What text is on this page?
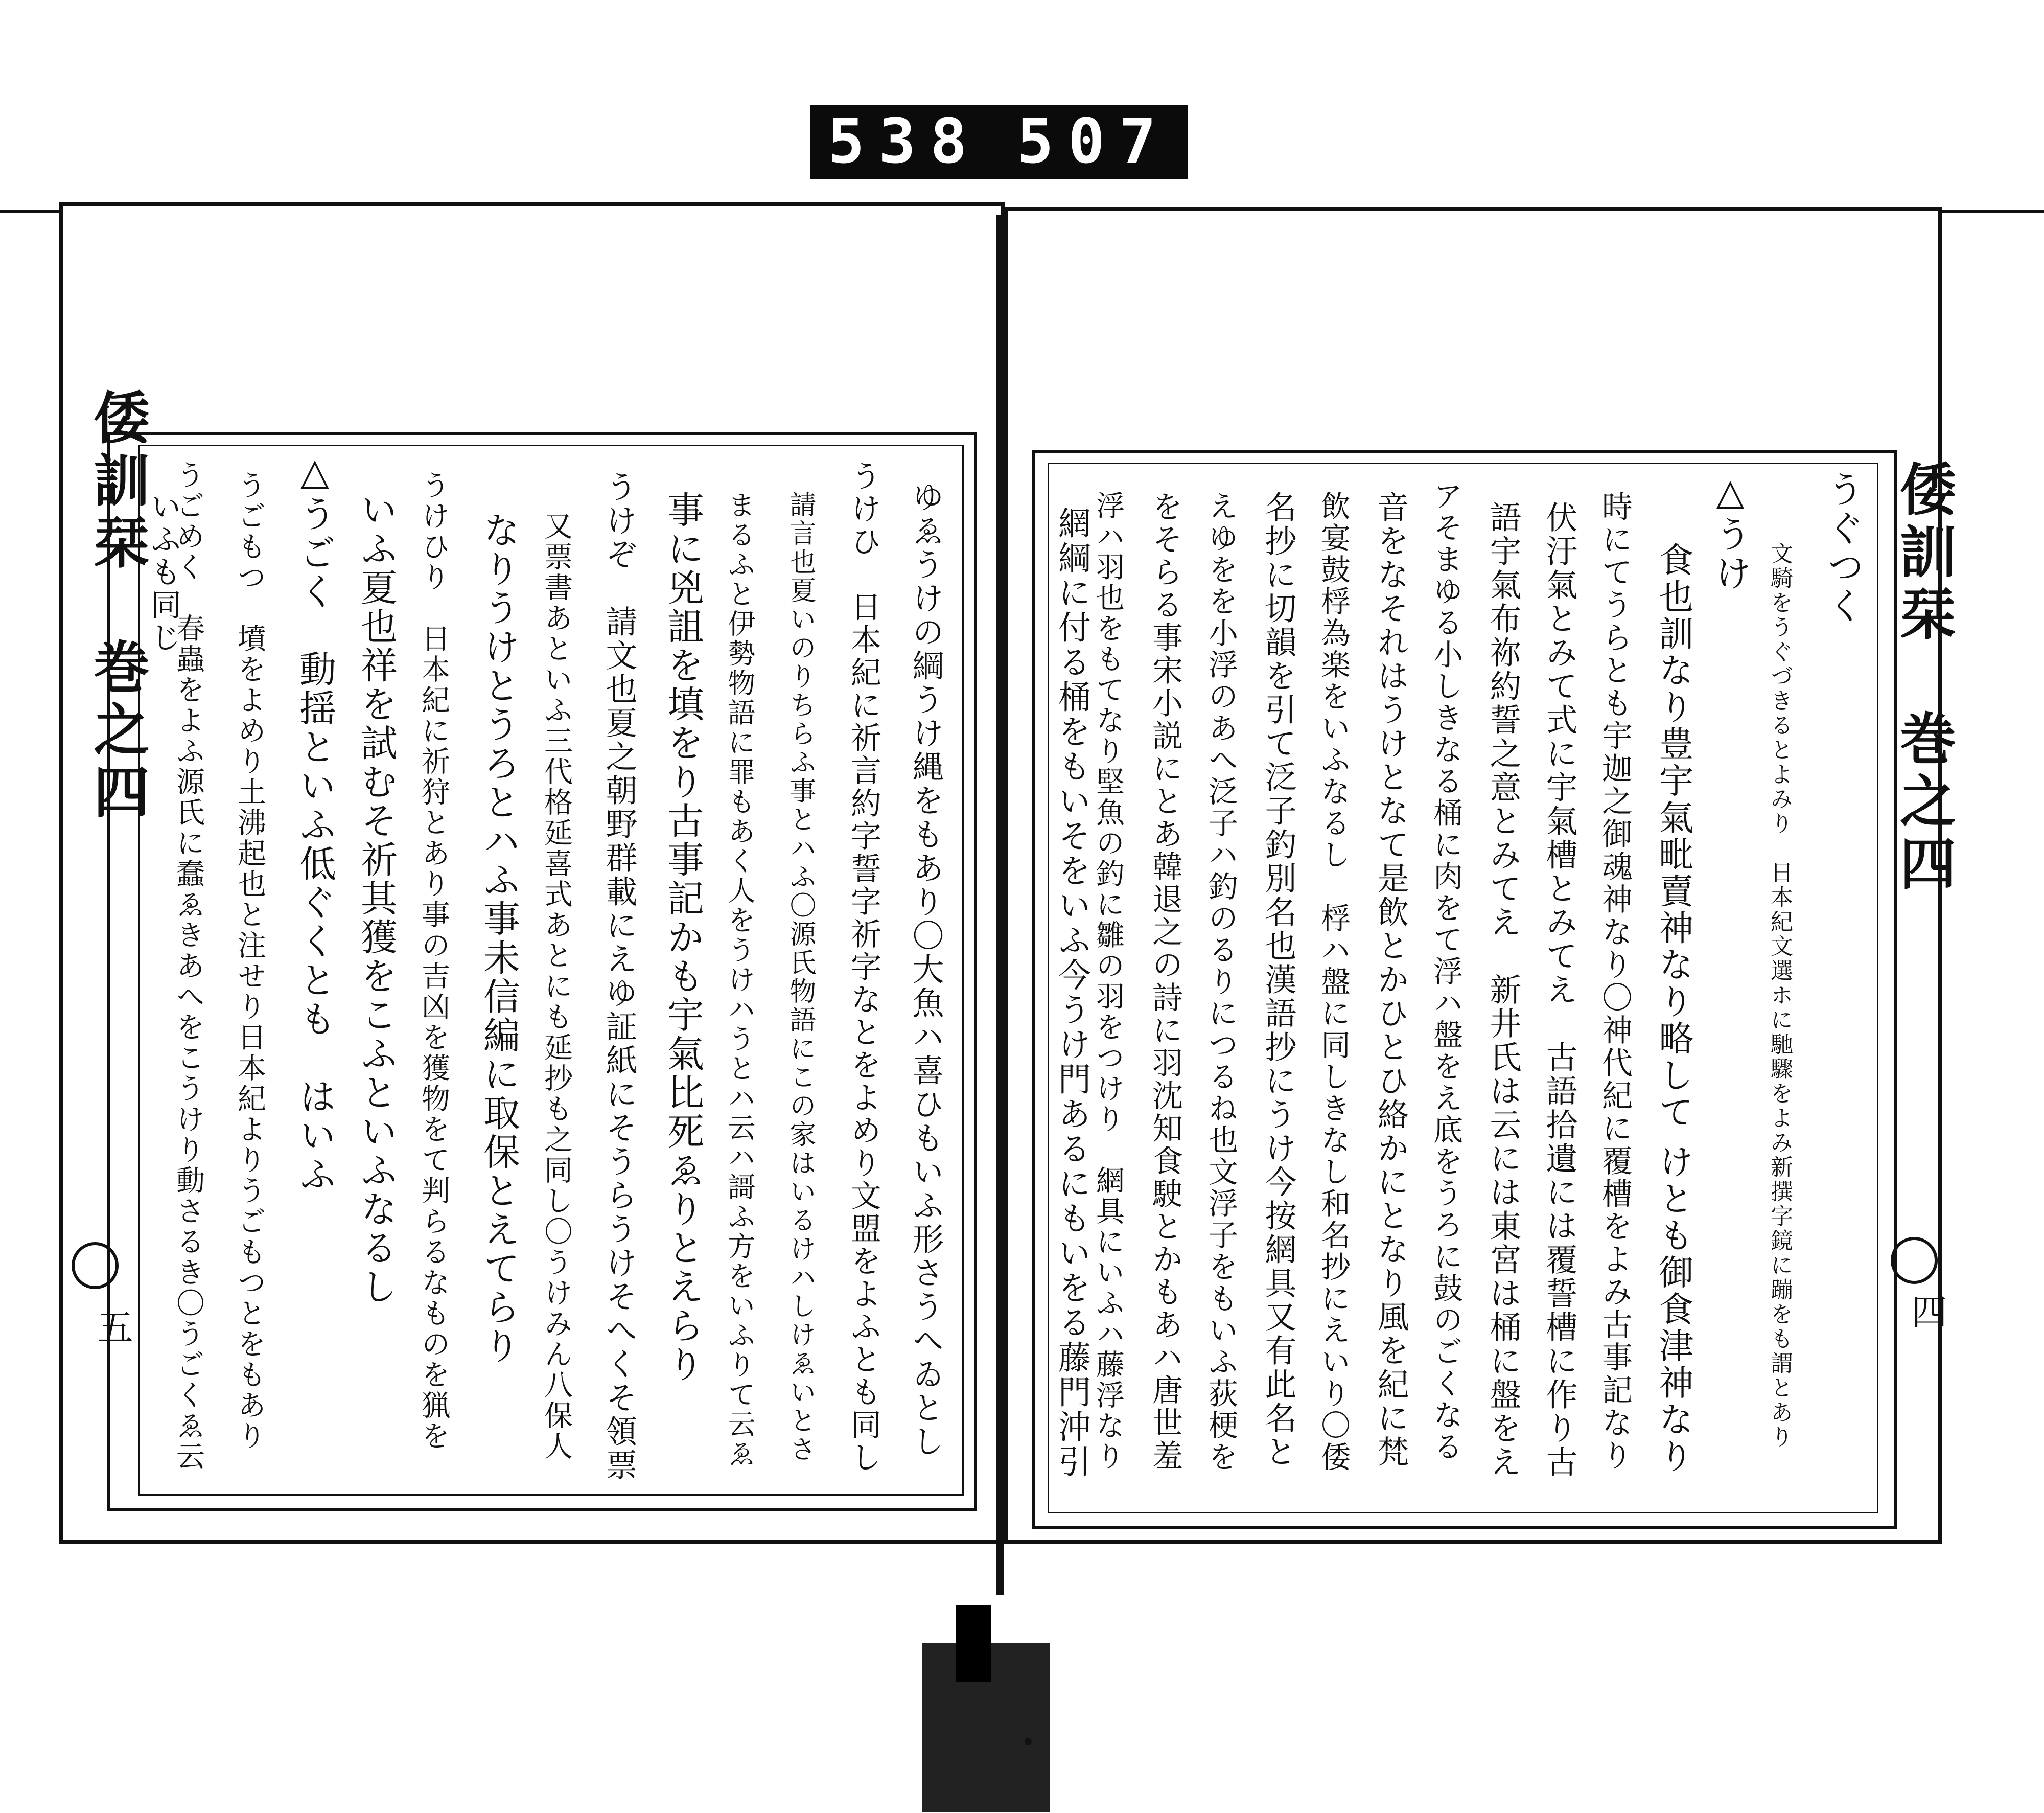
538 507
倭訓栞　巻之四
五	ゆゑうけの綱うけ縄をもあり〇大魚ハ喜ひもいふ形さうへゐとし
うけひ　日本紀に祈言約字誓字祈字なとをよめり文盟をよふとも同し
請言也夏いのりちらふ事とハふ〇源氏物語にこの家はいるけハしけゑいとさ
まるふと伊勢物語に罪もあく人をうけハうとハ云ハ謌ふ方をいふりて云ゑ
事に兇詛を填をり古事記かも宇氣比死ゑりとえらり
うけぞ　請文也夏之朝野群載にえゆ証紙にそうらうけそへくそ領票
又票書あといふ三代格延喜式あとにも延抄も之同し〇うけみん八保人
なりうけとうろとハふ事未信編に取保とえてらり
うけひり　日本紀に祈狩とあり事の吉凶を獲物をて判らるなものを猟を
いふ夏也祥を試むそ祈其獲をこふといふなるし
△うごく　動揺といふ低ぐくとも　はいふ
うごもつ　墳をよめり土沸起也と注せり日本紀よりうごもつとをもあり
うごめく　春蟲をよふ源氏に蠢ゑきあへをこうけり動さるき〇うごくゑ云
いふも同じ	倭訓栞　巻之四
四
うぐつく
文騎をうぐづきるとよみり　日本紀文選ホに馳驟をよみ新撰字鏡に蹦をも謂とあり
△うけ
食也訓なり豊宇氣毗賣神なり略して けとも御食津神なり
時にてうらとも宇迦之御魂神なり〇神代紀に覆槽をよみ古事記なり
伏汙氣とみて式に宇氣槽とみてえ　古語拾遺には覆誓槽に作り古
語宇氣布祢約誓之意とみてえ　新井氏は云には東宮は桶に盤をえ
アそまゆる小しきなる桶に肉をて浮ハ盤をえ底をうろに鼓のごくなる
音をなそれはうけとなて是飲とかひとひ絡かにとなり風を紀に梵
飲宴鼓桴為楽をいふなるし　桴ハ盤に同しきなし和名抄にえいり〇倭
名抄に切韻を引て泛子釣別名也漢語抄にうけ今按網具又有此名と
えゆをを小浮のあへ泛子ハ釣のるりにつるね也文浮子をもいふ荻梗を
をそらる事宋小説にとあ韓退之の詩に羽沈知食駛とかもあハ唐世羞
浮ハ羽也をもてなり堅魚の釣に雛の羽をつけり　網具にいふハ藤浮なり
網綱に付る桶をもいそをいふ今うけ門あるにもいをる藤門沖引
